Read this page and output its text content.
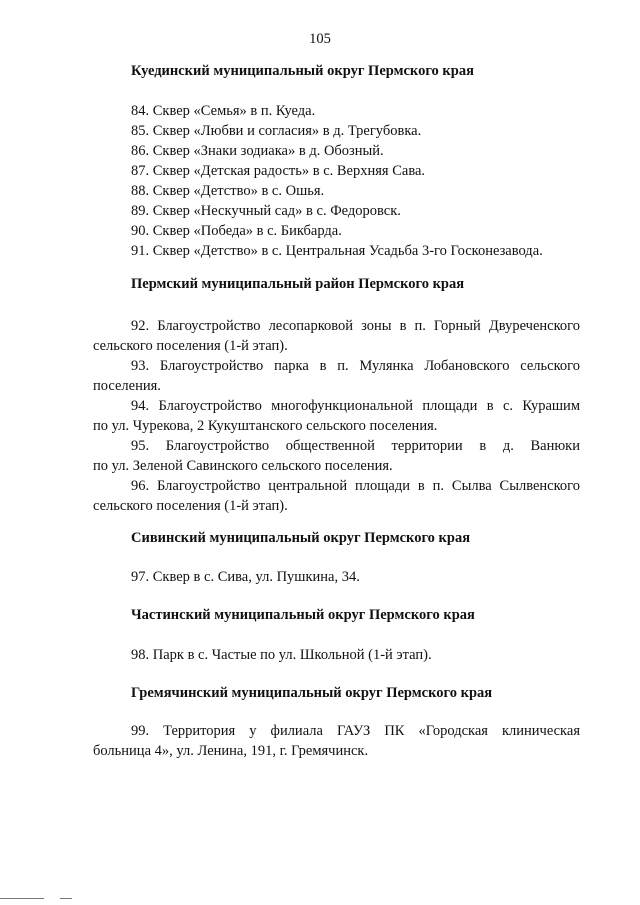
105
Куединский муниципальный округ Пермского края
84. Сквер «Семья» в п. Куеда.
85. Сквер «Любви и согласия» в д. Трегубовка.
86. Сквер «Знаки зодиака» в д. Обозный.
87. Сквер «Детская радость» в с. Верхняя Сава.
88. Сквер «Детство» в с. Ошья.
89. Сквер «Нескучный сад» в с. Федоровск.
90. Сквер «Победа» в с. Бикбарда.
91. Сквер «Детство» в с. Центральная Усадьба 3-го Госконезавода.
Пермский муниципальный район Пермского края
92. Благоустройство лесопарковой зоны в п. Горный Двуреченского
сельского поселения (1-й этап).
93. Благоустройство парка в п. Мулянка Лобановского сельского
поселения.
94. Благоустройство многофункциональной площади в с. Курашим
по ул. Чурекова, 2 Кукуштанского сельского поселения.
95. Благоустройство общественной территории в д. Ванюки
по ул. Зеленой Савинского сельского поселения.
96. Благоустройство центральной площади в п. Сылва Сылвенского
сельского поселения (1-й этап).
Сивинский муниципальный округ Пермского края
97. Сквер в с. Сива, ул. Пушкина, 34.
Частинский муниципальный округ Пермского края
98. Парк в с. Частые по ул. Школьной (1-й этап).
Гремячинский муниципальный округ Пермского края
99. Территория у филиала ГАУЗ ПК «Городская клиническая
больница 4», ул. Ленина, 191, г. Гремячинск.
